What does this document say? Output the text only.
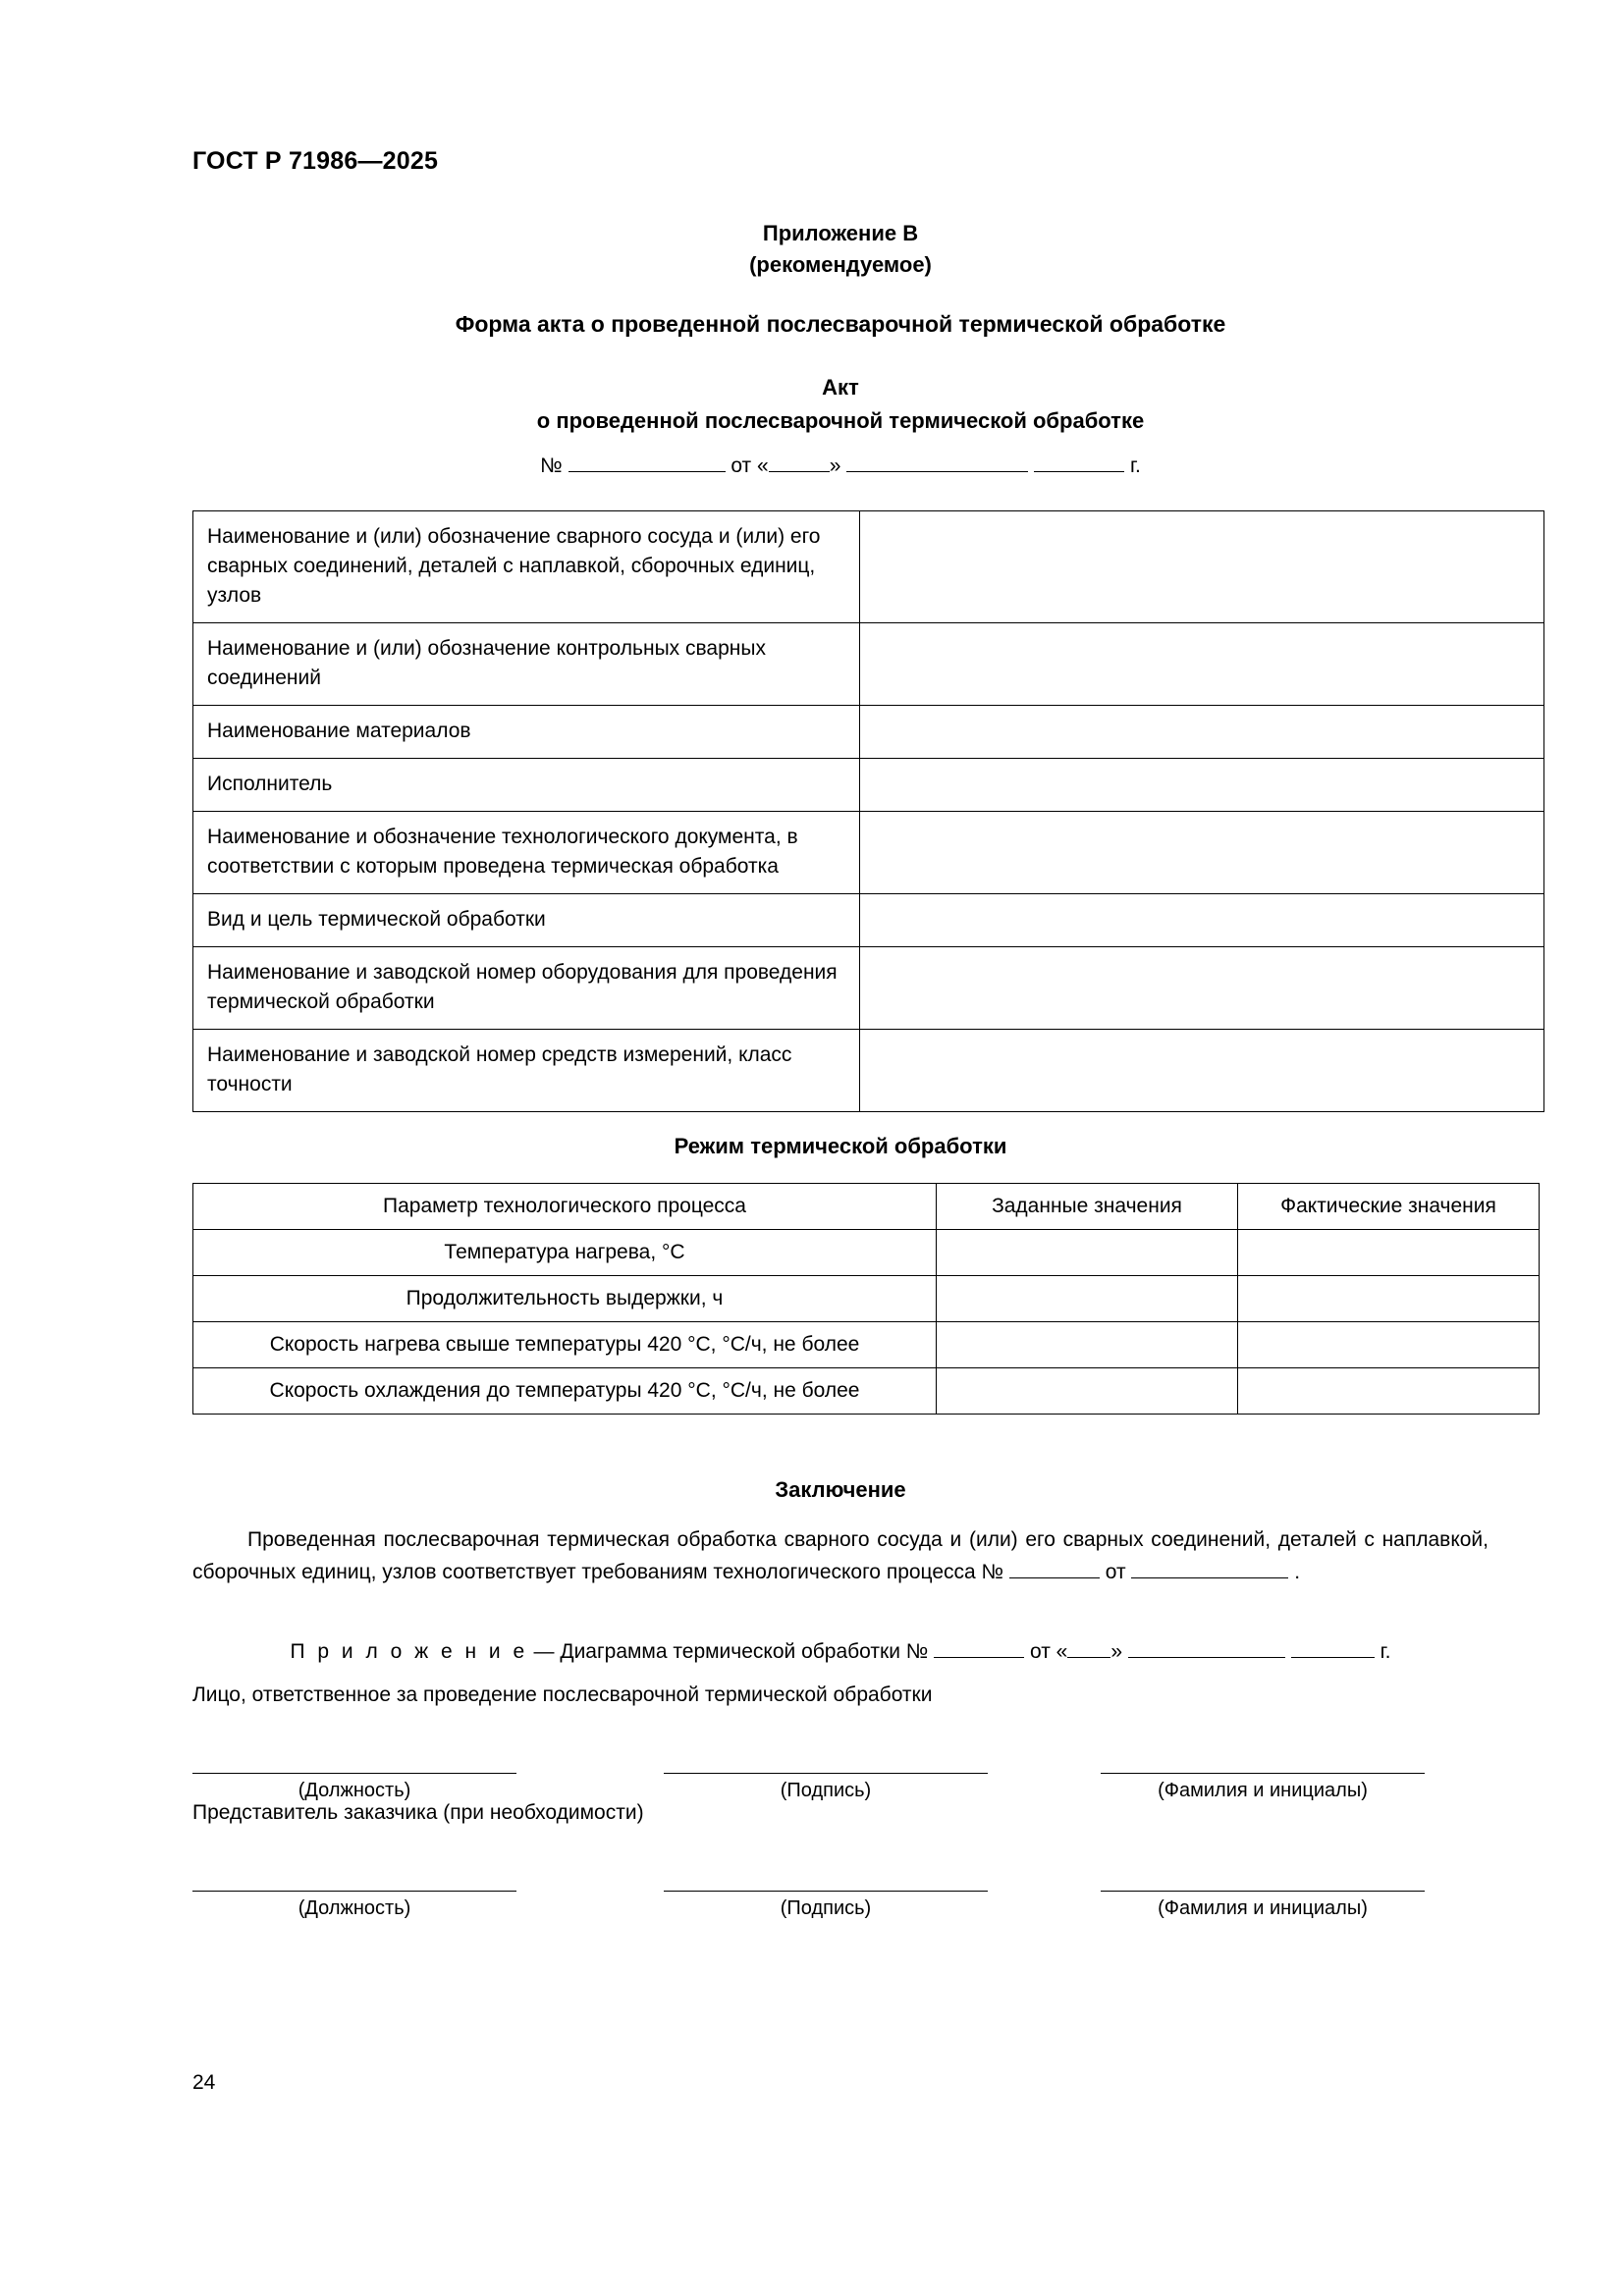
ГОСТ Р 71986—2025
Приложение В
(рекомендуемое)
Форма акта о проведенной послесварочной термической обработке
Акт
о проведенной послесварочной термической обработке
№	от «	»	г.
Наименование и (или) обозначение сварного сосуда и (или) его сварных соединений, деталей с наплавкой, сборочных единиц, узлов	
Наименование и (или) обозначение контрольных сварных соединений	
Наименование материалов	
Исполнитель	
Наименование и обозначение технологического документа, в соответствии с которым проведена термическая обработка	
Вид и цель термической обработки	
Наименование и заводской номер оборудования для проведения термической обработки	
Наименование и заводской номер средств измерений, класс точности	
Режим термической обработки
Параметр технологического процесса	Заданные значения	Фактические значения
Температура нагрева, °С		
Продолжительность выдержки, ч		
Скорость нагрева свыше температуры 420 °С, °С/ч, не более		
Скорость охлаждения до температуры 420 °С, °С/ч, не более		
Заключение

Проведенная послесварочная термическая обработка сварного сосуда и (или) его сварных соединений, деталей с наплавкой, сборочных единиц, узлов соответствует требованиям технологического процесса №	от	.

П р и л о ж е н и е — Диаграмма термической обработки №	от « »	г.
Лицо, ответственное за проведение послесварочной термической обработки
(Должность)	(Подпись)	(Фамилия и инициалы)
Представитель заказчика (при необходимости)
(Должность)	(Подпись)	(Фамилия и инициалы)
24
